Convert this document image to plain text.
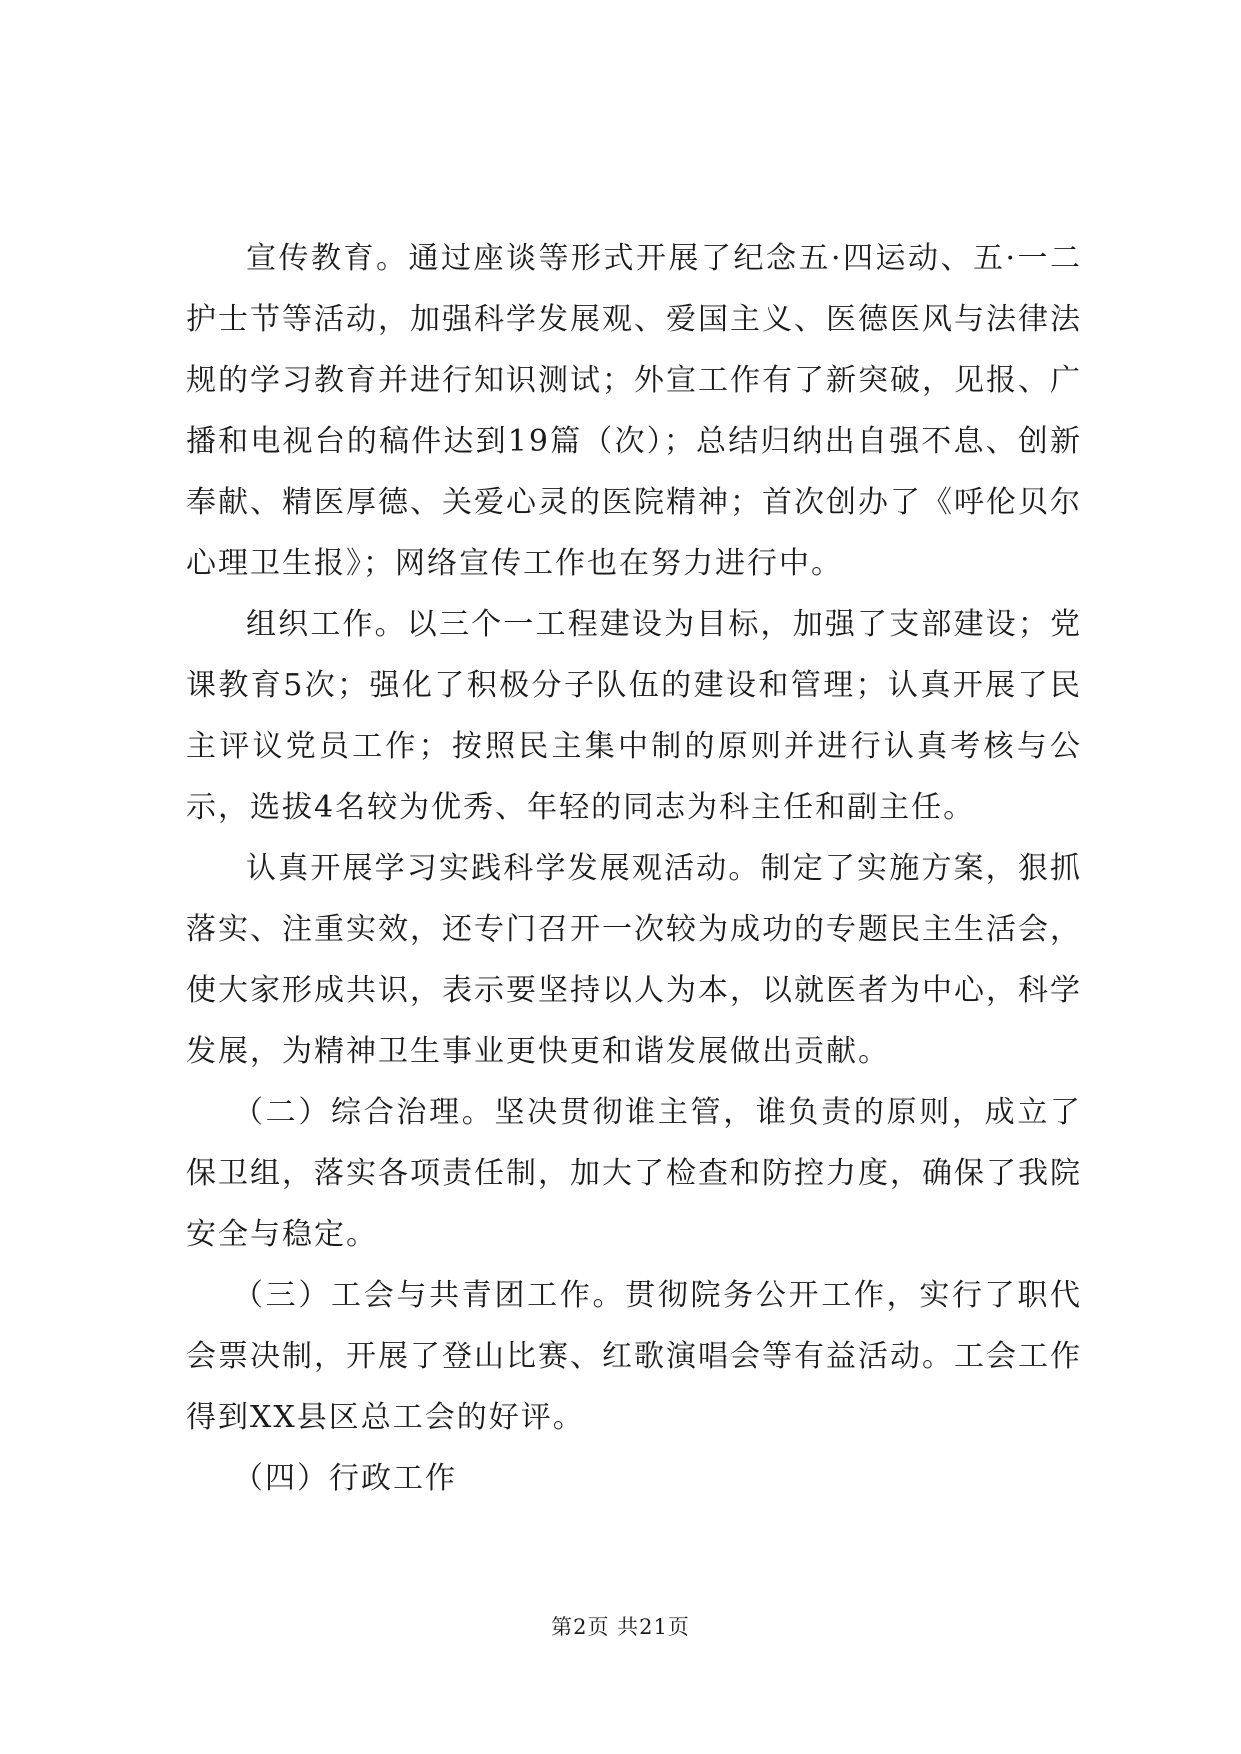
宣传教育。通过座谈等形式开展了纪念五·四运动、五·一二护士节等活动，加强科学发展观、爱国主义、医德医风与法律法规的学习教育并进行知识测试；外宣工作有了新突破，见报、广播和电视台的稿件达到19篇（次）；总结归纳出自强不息、创新奉献、精医厚德、关爱心灵的医院精神；首次创办了《呼伦贝尔心理卫生报》；网络宣传工作也在努力进行中。

组织工作。以三个一工程建设为目标，加强了支部建设；党课教育5次；强化了积极分子队伍的建设和管理；认真开展了民主评议党员工作；按照民主集中制的原则并进行认真考核与公示，选拔4名较为优秀、年轻的同志为科主任和副主任。

认真开展学习实践科学发展观活动。制定了实施方案，狠抓落实、注重实效，还专门召开一次较为成功的专题民主生活会，使大家形成共识，表示要坚持以人为本，以就医者为中心，科学发展，为精神卫生事业更快更和谐发展做出贡献。

（二）综合治理。坚决贯彻谁主管，谁负责的原则，成立了保卫组，落实各项责任制，加大了检查和防控力度，确保了我院安全与稳定。

（三）工会与共青团工作。贯彻院务公开工作，实行了职代会票决制，开展了登山比赛、红歌演唱会等有益活动。工会工作得到XX县区总工会的好评。

（四）行政工作

第2页 共21页
